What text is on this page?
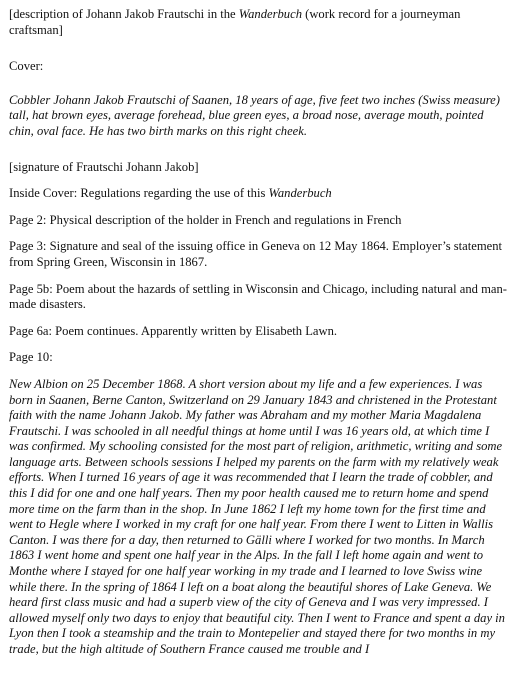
[description of Johann Jakob Frautschi in the Wanderbuch (work record for a journeyman craftsman]

Cover:

Cobbler Johann Jakob Frautschi of Saanen, 18 years of age, five feet two inches (Swiss measure) tall, hat brown eyes, average forehead, blue green eyes, a broad nose, average mouth, pointed chin, oval face. He has two birth marks on this right cheek.

[signature of Frautschi Johann Jakob]

Inside Cover: Regulations regarding the use of this Wanderbuch

Page 2: Physical description of the holder in French and regulations in French

Page 3: Signature and seal of the issuing office in Geneva on 12 May 1864. Employer’s statement from Spring Green, Wisconsin in 1867.

Page 5b: Poem about the hazards of settling in Wisconsin and Chicago, including natural and man-made disasters.

Page 6a: Poem continues. Apparently written by Elisabeth Lawn.

Page 10:

New Albion on 25 December 1868. A short version about my life and a few experiences. I was born in Saanen, Berne Canton, Switzerland on 29 January 1843 and christened in the Protestant faith with the name Johann Jakob. My father was Abraham and my mother Maria Magdalena Frautschi. I was schooled in all needful things at home until I was 16 years old, at which time I was confirmed. My schooling consisted for the most part of religion, arithmetic, writing and some language arts. Between schools sessions I helped my parents on the farm with my relatively weak efforts. When I turned 16 years of age it was recommended that I learn the trade of cobbler, and this I did for one and one half years. Then my poor health caused me to return home and spend more time on the farm than in the shop. In June 1862 I left my home town for the first time and went to Hegle where I worked in my craft for one half year. From there I went to Litten in Wallis Canton. I was there for a day, then returned to Gälli where I worked for two months. In March 1863 I went home and spent one half year in the Alps. In the fall I left home again and went to Monthe where I stayed for one half year working in my trade and I learned to love Swiss wine while there. In the spring of 1864 I left on a boat along the beautiful shores of Lake Geneva. We heard first class music and had a superb view of the city of Geneva and I was very impressed. I allowed myself only two days to enjoy that beautiful city. Then I went to France and spent a day in Lyon then I took a steamship and the train to Montepelier and stayed there for two months in my trade, but the high altitude of Southern France caused me trouble and I
